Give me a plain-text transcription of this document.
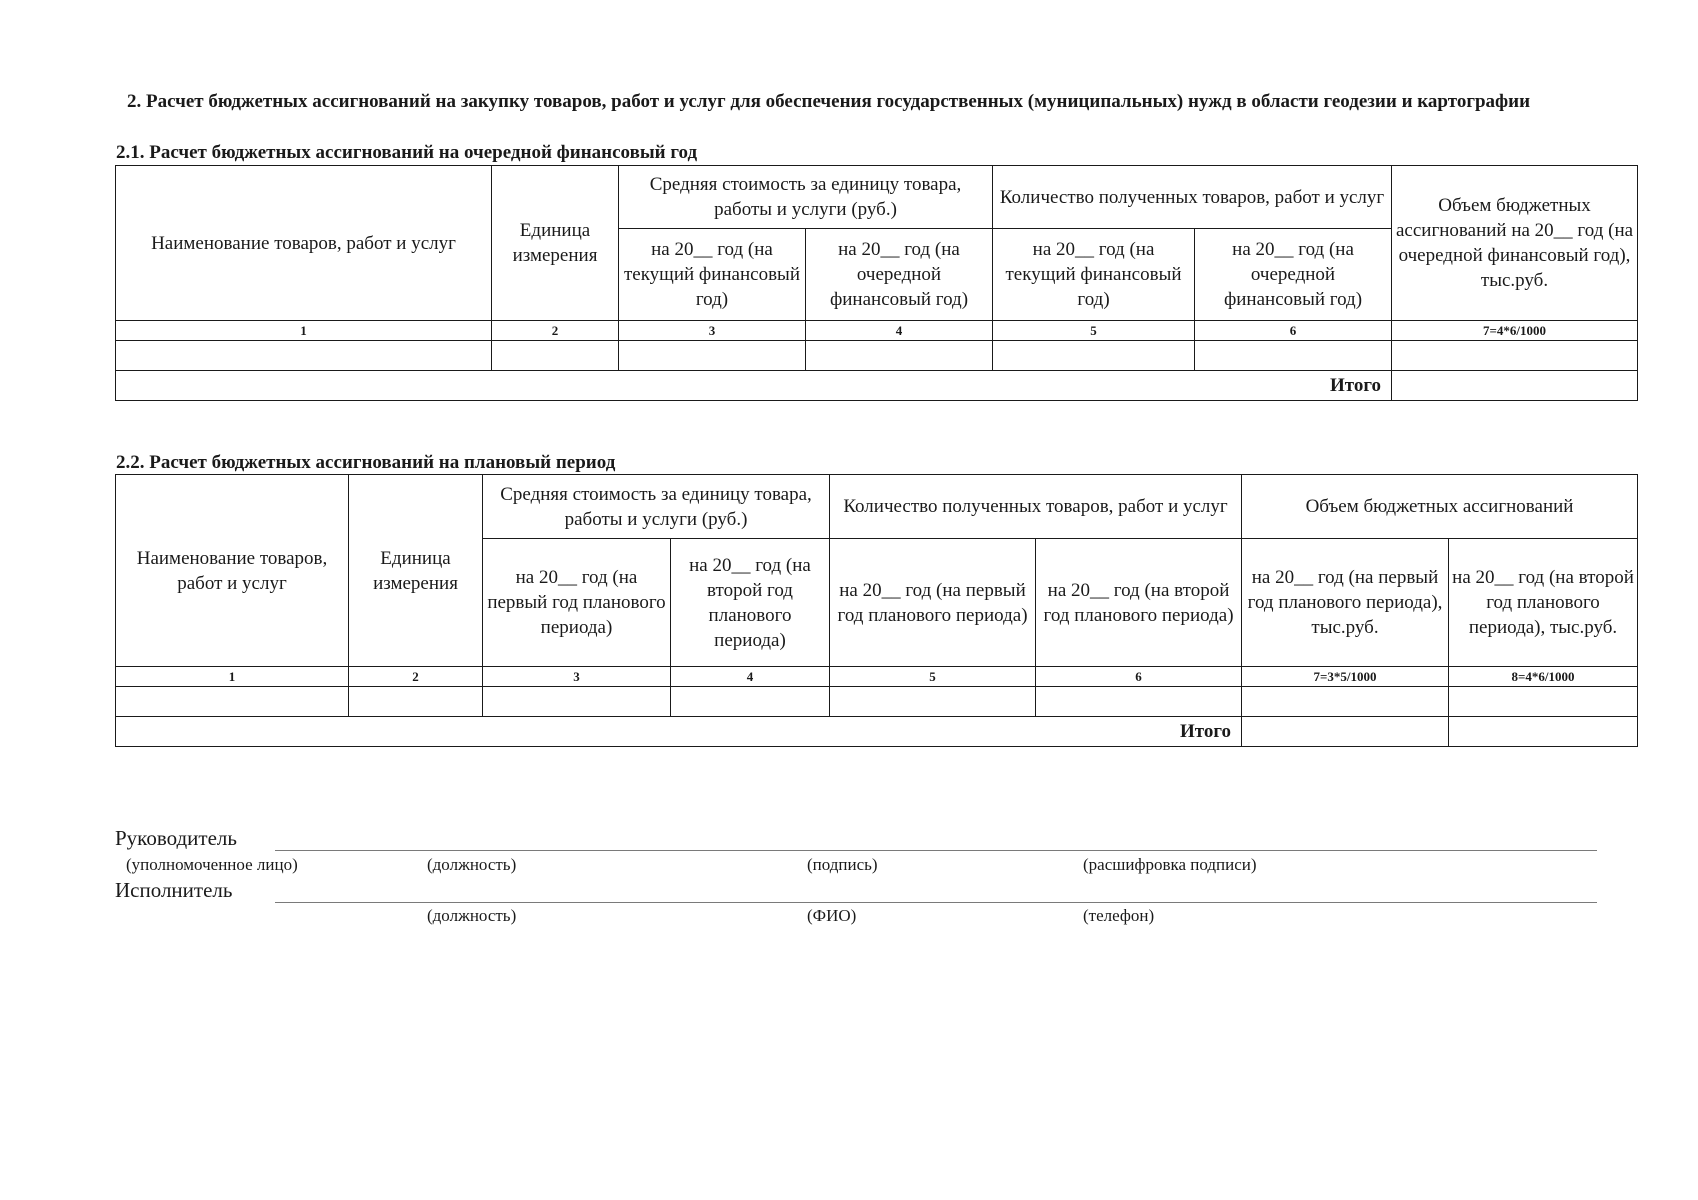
2. Расчет бюджетных ассигнований на закупку товаров, работ и услуг для обеспечения государственных (муниципальных) нужд в области геодезии и картографии
2.1. Расчет бюджетных ассигнований на очередной финансовый год
Наименование товаров, работ и услуг	Единица измерения	Средняя стоимость за единицу товара, работы и услуги (руб.)		Количество полученных товаров, работ и услуг		Объем бюджетных ассигнований на 20__ год (на очередной финансовый год), тыс.руб.
		на 20__ год (на текущий финансовый год)	на 20__ год (на очередной финансовый год)	на 20__ год (на текущий финансовый год)	на 20__ год (на очередной финансовый год)	
1	2	3	4	5	6	7=4*6/1000

Итого						
2.2. Расчет бюджетных ассигнований на плановый период
Наименование товаров, работ и услуг	Единица измерения	Средняя стоимость за единицу товара, работы и услуги (руб.)		Количество полученных товаров, работ и услуг		Объем бюджетных ассигнований	
		на 20__ год (на первый год планового периода)	на 20__ год (на второй год планового периода)	на 20__ год (на первый год планового периода)	на 20__ год (на второй год планового периода)	на 20__ год (на первый год планового периода), тыс.руб.	на 20__ год (на второй год планового периода), тыс.руб.
1	2	3	4	5	6	7=3*5/1000	8=4*6/1000

Итого							
Руководитель
(уполномоченное лицо)	(должность)	(подпись)	(расшифровка подписи)
Исполнитель
(должность)	(ФИО)	(телефон)
